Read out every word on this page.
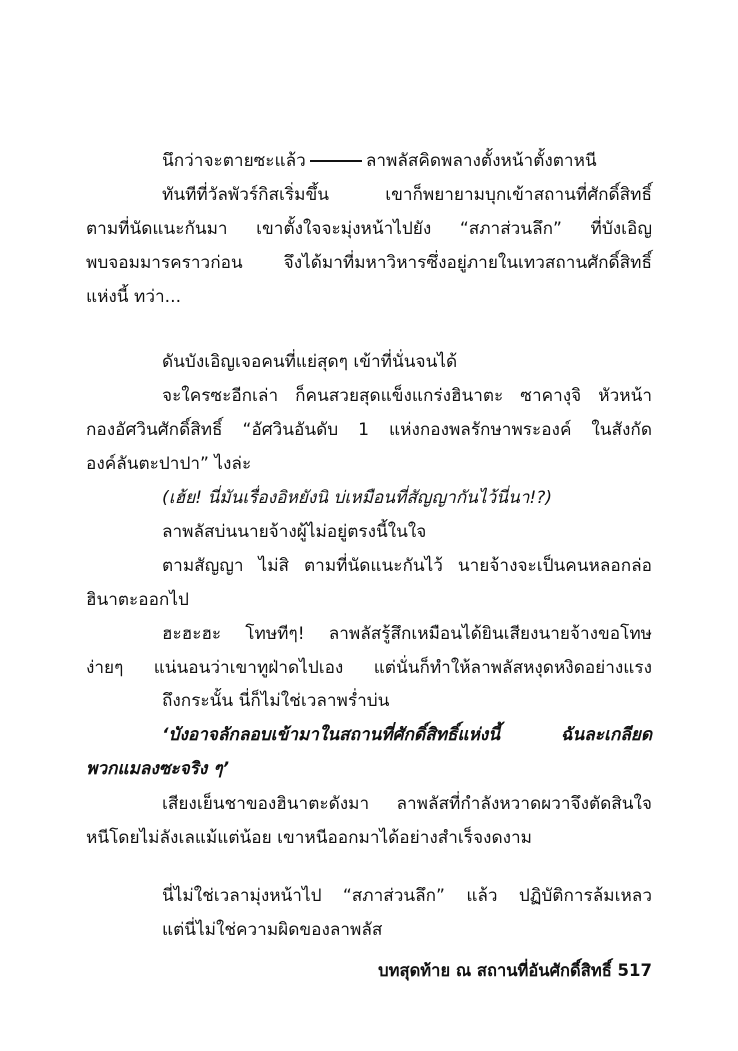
นึกว่าจะตายซะแล้ว	ลาพลัสคิดพลางตั้งหน้าตั้งตาหนี
ทันทีที่วัลพัวร์กิสเริ่มขึ้น เขาก็พยายามบุกเข้าสถานที่ศักดิ์สิทธิ์
ตามที่นัดแนะกันมา เขาตั้งใจจะมุ่งหน้าไปยัง “สภาส่วนลึก” ที่บังเอิญ
พบจอมมารคราวก่อน จึงได้มาที่มหาวิหารซึ่งอยู่ภายในเทวสถานศักดิ์สิทธิ์
แห่งนี้ ทว่า...
ดันบังเอิญเจอคนที่แย่สุดๆ เข้าที่นั่นจนได้
จะใครซะอีกเล่า ก็คนสวยสุดแข็งแกร่งฮินาตะ ซาคางุจิ หัวหน้า
กองอัศวินศักดิ์สิทธิ์ “อัศวินอันดับ 1 แห่งกองพลรักษาพระองค์ ในสังกัด
องค์ลันตะปาปา” ไงล่ะ
(เฮ้ย! นี่มันเรื่องอิหยังนิ บ่เหมือนที่สัญญากันไว้นี่นา!?)
ลาพลัสบ่นนายจ้างผู้ไม่อยู่ตรงนี้ในใจ
ตามสัญญา ไม่สิ ตามที่นัดแนะกันไว้ นายจ้างจะเป็นคนหลอกล่อ
ฮินาตะออกไป
ฮะฮะฮะ โทษทีๆ! ลาพลัสรู้สึกเหมือนได้ยินเสียงนายจ้างขอโทษ
ง่ายๆ แน่นอนว่าเขาทูฝ่าดไปเอง แต่นั่นก็ทำให้ลาพลัสหงุดหงิดอย่างแรง
ถึงกระนั้น นี่ก็ไม่ใช่เวลาพร่ำบ่น
‘บังอาจลักลอบเข้ามาในสถานที่ศักดิ์สิทธิ์แห่งนี้ ฉันละเกลียด
พวกแมลงซะจริง ๆ’
เสียงเย็นชาของฮินาตะดังมา ลาพลัสที่กำลังหวาดผวาจึงตัดสินใจ
หนีโดยไม่ลังเลแม้แต่น้อย เขาหนีออกมาได้อย่างสำเร็จงดงาม
นี่ไม่ใช่เวลามุ่งหน้าไป “สภาส่วนลึก” แล้ว ปฏิบัติการล้มเหลว
แต่นี่ไม่ใช่ความผิดของลาพลัส
บทสุดท้าย ณ สถานที่อันศักดิ์สิทธิ์ 517
